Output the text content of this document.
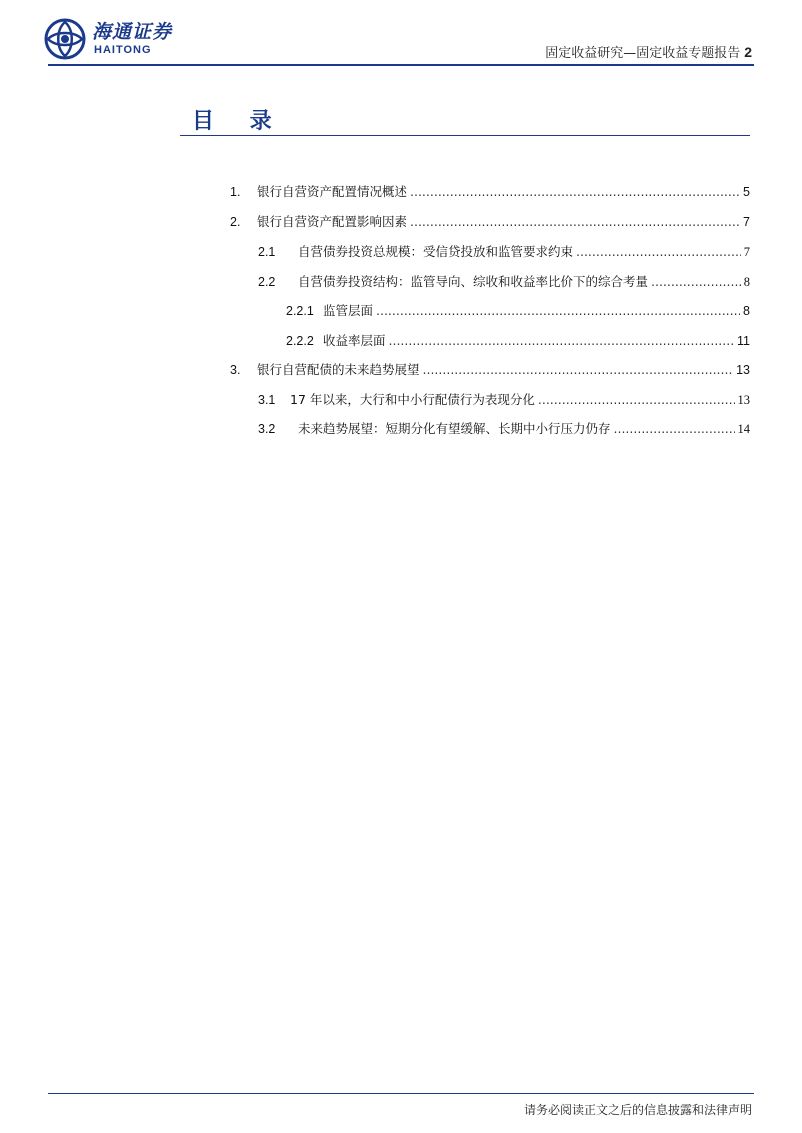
海通证券
HAITONG	固定收益研究—固定收益专题报告 2
目 录
1.	银行自营资产配置情况概述 .....	5
2.	银行自营资产配置影响因素 .....	7
2.1	自营债券投资总规模：受信贷投放和监管要求约束 .....	7
2.2	自营债券投资结构：监管导向、综收和收益率比价下的综合考量 .....	8
2.2.1 监管层面 .....	8
2.2.2 收益率层面 .....	11
3.	银行自营配债的未来趋势展望 .....	13
3.1	17 年以来，大行和中小行配债行为表现分化 .....	13
3.2	未来趋势展望：短期分化有望缓解、长期中小行压力仍存 .....	14
请务必阅读正文之后的信息披露和法律声明
